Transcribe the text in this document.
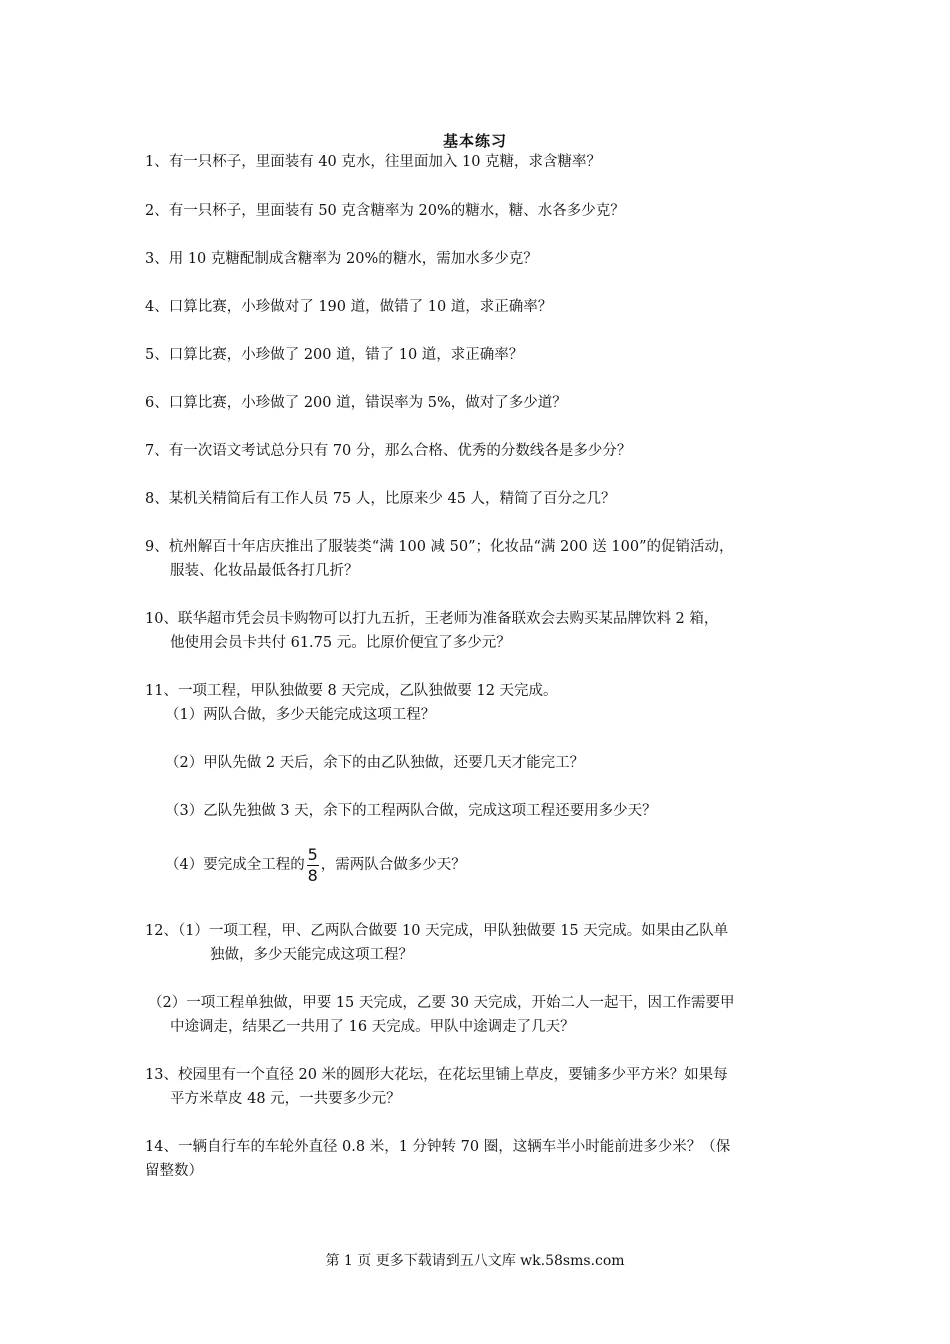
基本练习
1、有一只杯子，里面装有 40 克水，往里面加入 10 克糖，求含糖率？
2、有一只杯子，里面装有 50 克含糖率为 20%的糖水，糖、水各多少克？
3、用 10 克糖配制成含糖率为 20%的糖水，需加水多少克？
4、口算比赛，小珍做对了 190 道，做错了 10 道，求正确率？
5、口算比赛，小珍做了 200 道，错了 10 道，求正确率？
6、口算比赛，小珍做了 200 道，错误率为 5%，做对了多少道？
7、有一次语文考试总分只有 70 分，那么合格、优秀的分数线各是多少分？
8、某机关精简后有工作人员 75 人，比原来少 45 人，精简了百分之几？
9、杭州解百十年店庆推出了服装类“满 100 减 50”；化妆品“满 200 送 100”的促销活动，
服装、化妆品最低各打几折？
10、联华超市凭会员卡购物可以打九五折，王老师为准备联欢会去购买某品牌饮料 2 箱，
他使用会员卡共付 61.75 元。比原价便宜了多少元？
11、一项工程，甲队独做要 8 天完成，乙队独做要 12 天完成。
（1）两队合做，多少天能完成这项工程？
（2）甲队先做 2 天后，余下的由乙队独做，还要几天才能完工？
（3）乙队先独做 3 天，余下的工程两队合做，完成这项工程还要用多少天？
（4）要完成全工程的 $\frac{5}{8}$ ，需两队合做多少天？
12、（1）一项工程，甲、乙两队合做要 10 天完成，甲队独做要 15 天完成。如果由乙队单
独做，多少天能完成这项工程？
（2）一项工程单独做，甲要 15 天完成，乙要 30 天完成，开始二人一起干，因工作需要甲
中途调走，结果乙一共用了 16 天完成。甲队中途调走了几天？
13、校园里有一个直径 20 米的圆形大花坛，在花坛里铺上草皮，要铺多少平方米？如果每
平方米草皮 48 元，一共要多少元？
14、一辆自行车的车轮外直径 0.8 米，1 分钟转 70 圈，这辆车半小时能前进多少米？（保
留整数）
第 1 页 更多下载请到五八文库 wk.58sms.com
